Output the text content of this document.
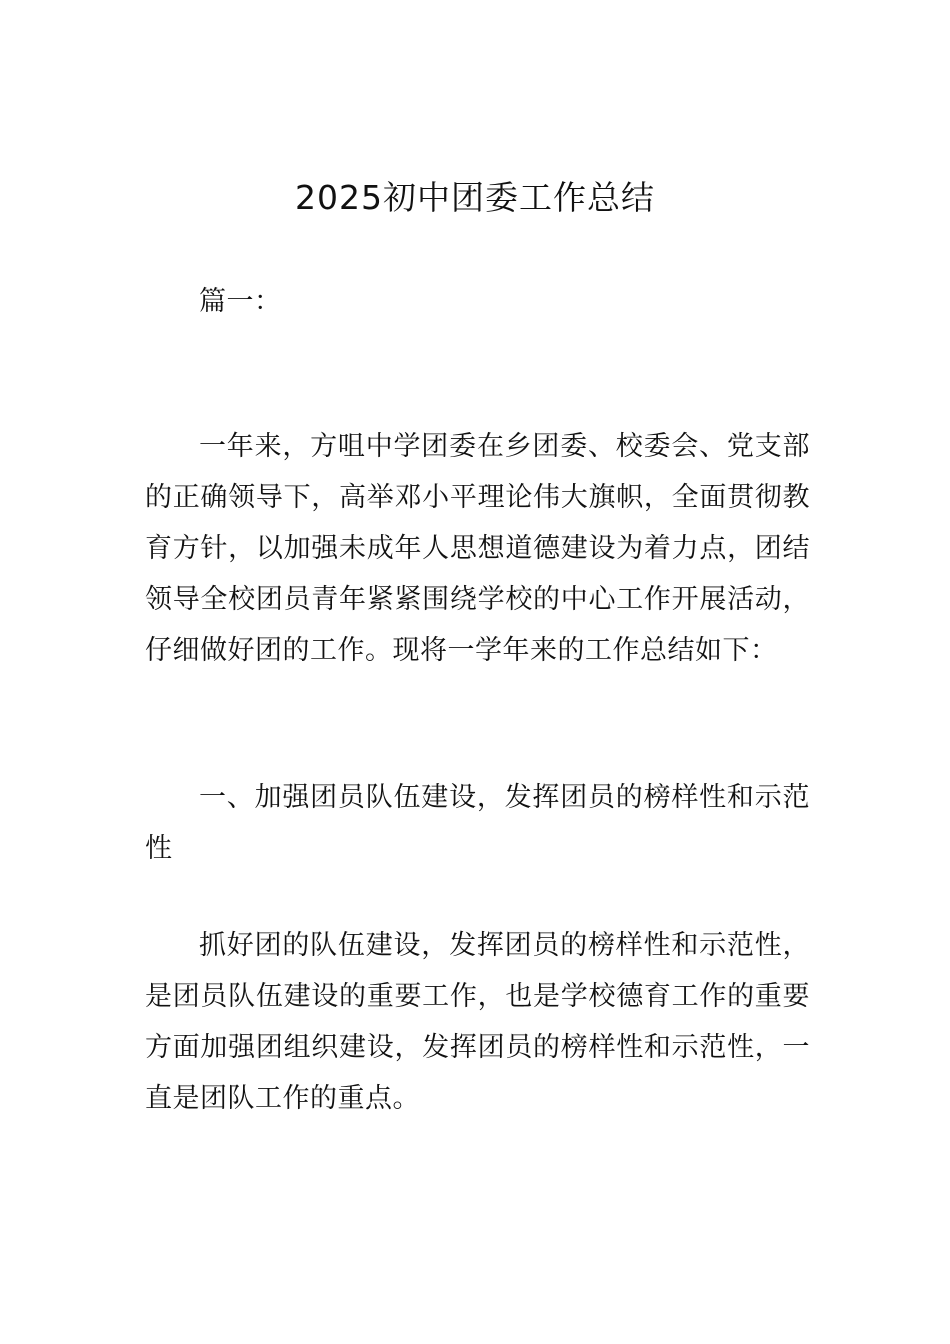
2025初中团委工作总结
篇一：
一年来，方咀中学团委在乡团委、校委会、党支部的正确领导下，高举邓小平理论伟大旗帜，全面贯彻教育方针，以加强未成年人思想道德建设为着力点，团结领导全校团员青年紧紧围绕学校的中心工作开展活动，仔细做好团的工作。现将一学年来的工作总结如下：
一、加强团员队伍建设，发挥团员的榜样性和示范性
抓好团的队伍建设，发挥团员的榜样性和示范性，是团员队伍建设的重要工作，也是学校德育工作的重要方面加强团组织建设，发挥团员的榜样性和示范性，一直是团队工作的重点。
